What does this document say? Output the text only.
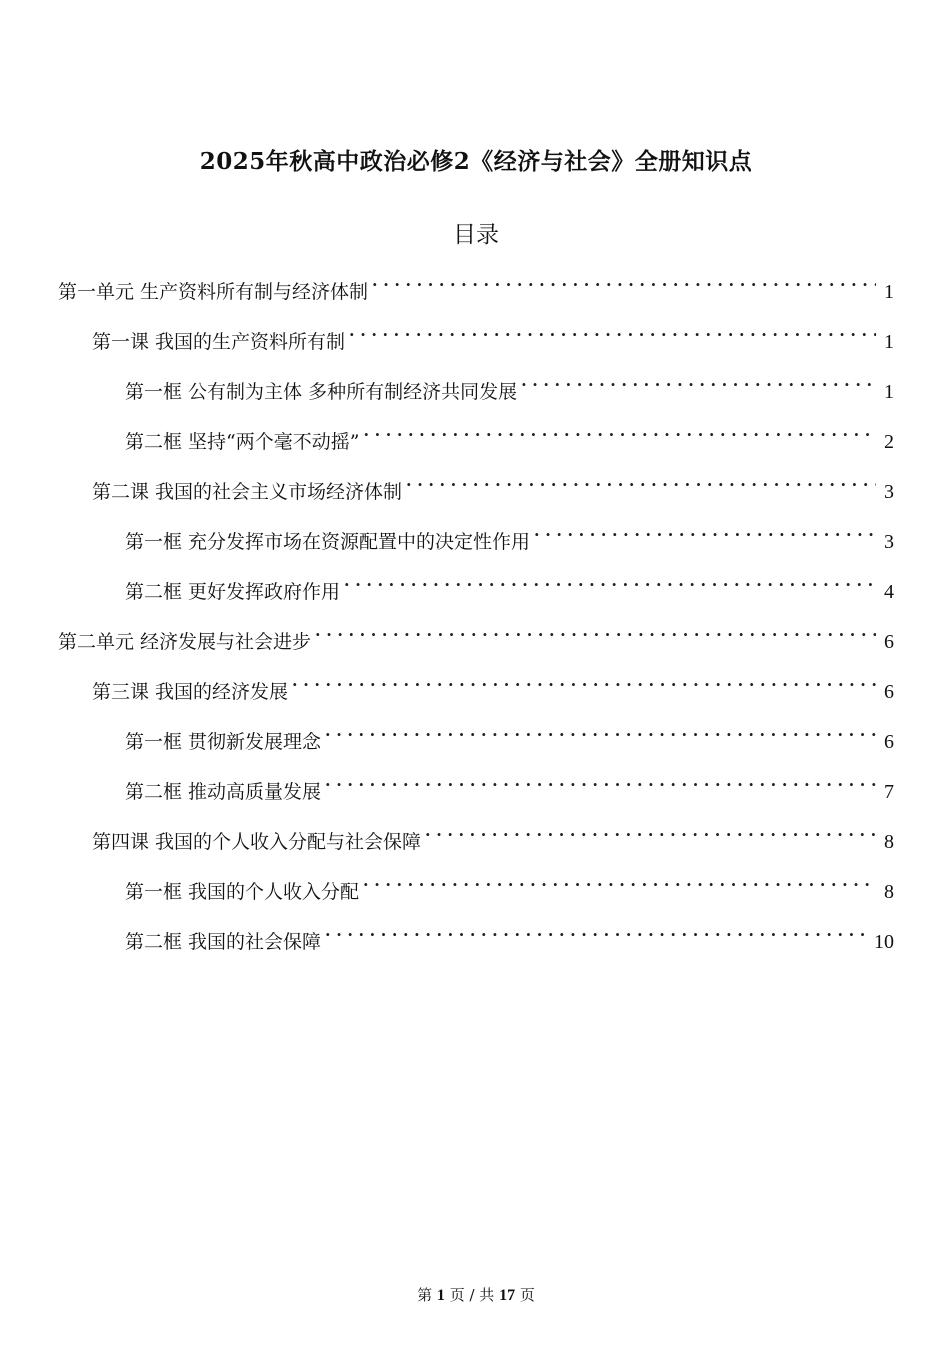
2025年秋高中政治必修2《经济与社会》全册知识点
目录
第一单元 生产资料所有制与经济体制 · · ·	1
第一课 我国的生产资料所有制 · · ·	1
第一框 公有制为主体 多种所有制经济共同发展 · · ·	1
第二框 坚持“两个毫不动摇” · · ·	2
第二课 我国的社会主义市场经济体制 · · ·	3
第一框 充分发挥市场在资源配置中的决定性作用 · · ·	3
第二框 更好发挥政府作用 · · ·	4
第二单元 经济发展与社会进步 · · ·	6
第三课 我国的经济发展 · · ·	6
第一框 贯彻新发展理念 · · ·	6
第二框 推动高质量发展 · · ·	7
第四课 我国的个人收入分配与社会保障 · · ·	8
第一框 我国的个人收入分配 · · ·	8
第二框 我国的社会保障 · · ·	10
第 1 页 / 共 17 页
